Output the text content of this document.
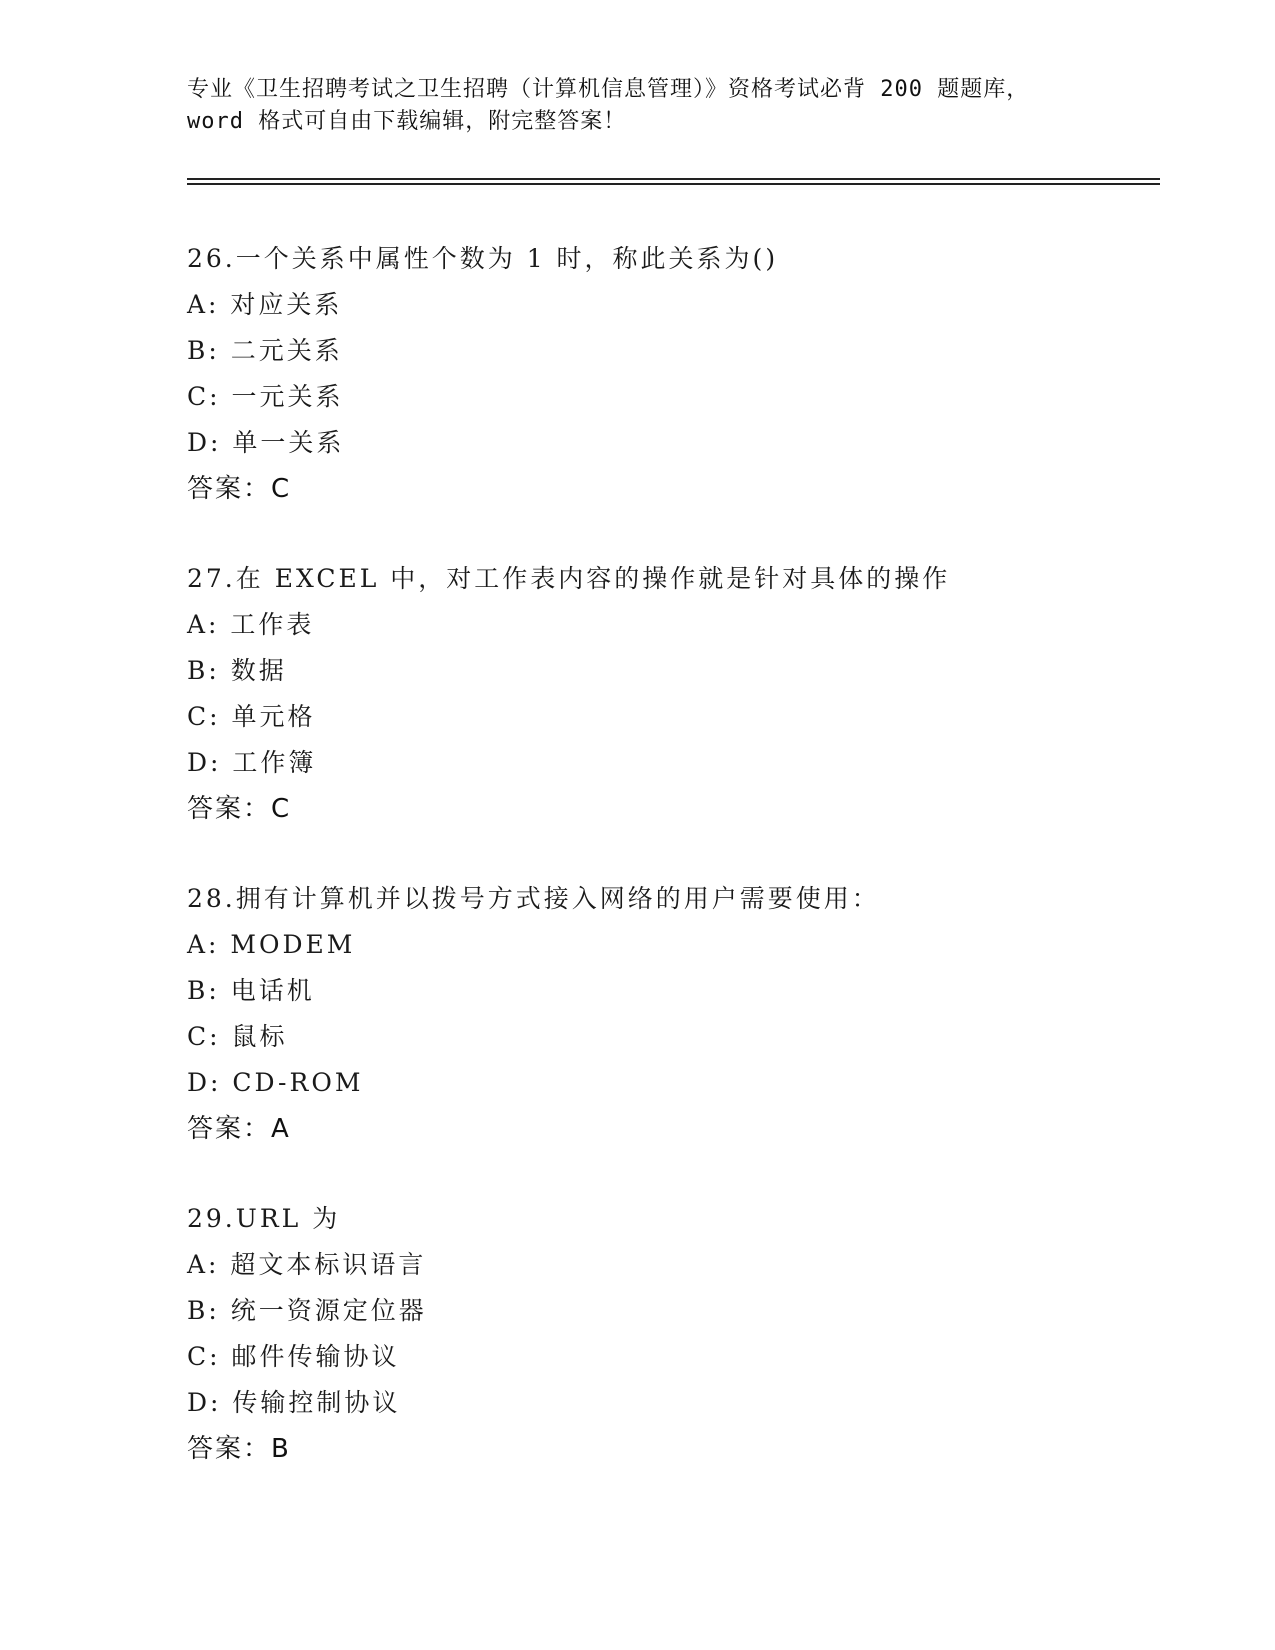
专业《卫生招聘考试之卫生招聘（计算机信息管理）》资格考试必背 200 题题库，
word 格式可自由下载编辑，附完整答案！
26.一个关系中属性个数为 1 时，称此关系为()
A: 对应关系
B: 二元关系
C: 一元关系
D: 单一关系
答案：C
27.在 EXCEL 中，对工作表内容的操作就是针对具体的操作
A: 工作表
B: 数据
C: 单元格
D: 工作簿
答案：C
28.拥有计算机并以拨号方式接入网络的用户需要使用：
A: MODEM
B: 电话机
C: 鼠标
D: CD-ROM
答案：A
29.URL 为
A: 超文本标识语言
B: 统一资源定位器
C: 邮件传输协议
D: 传输控制协议
答案：B
